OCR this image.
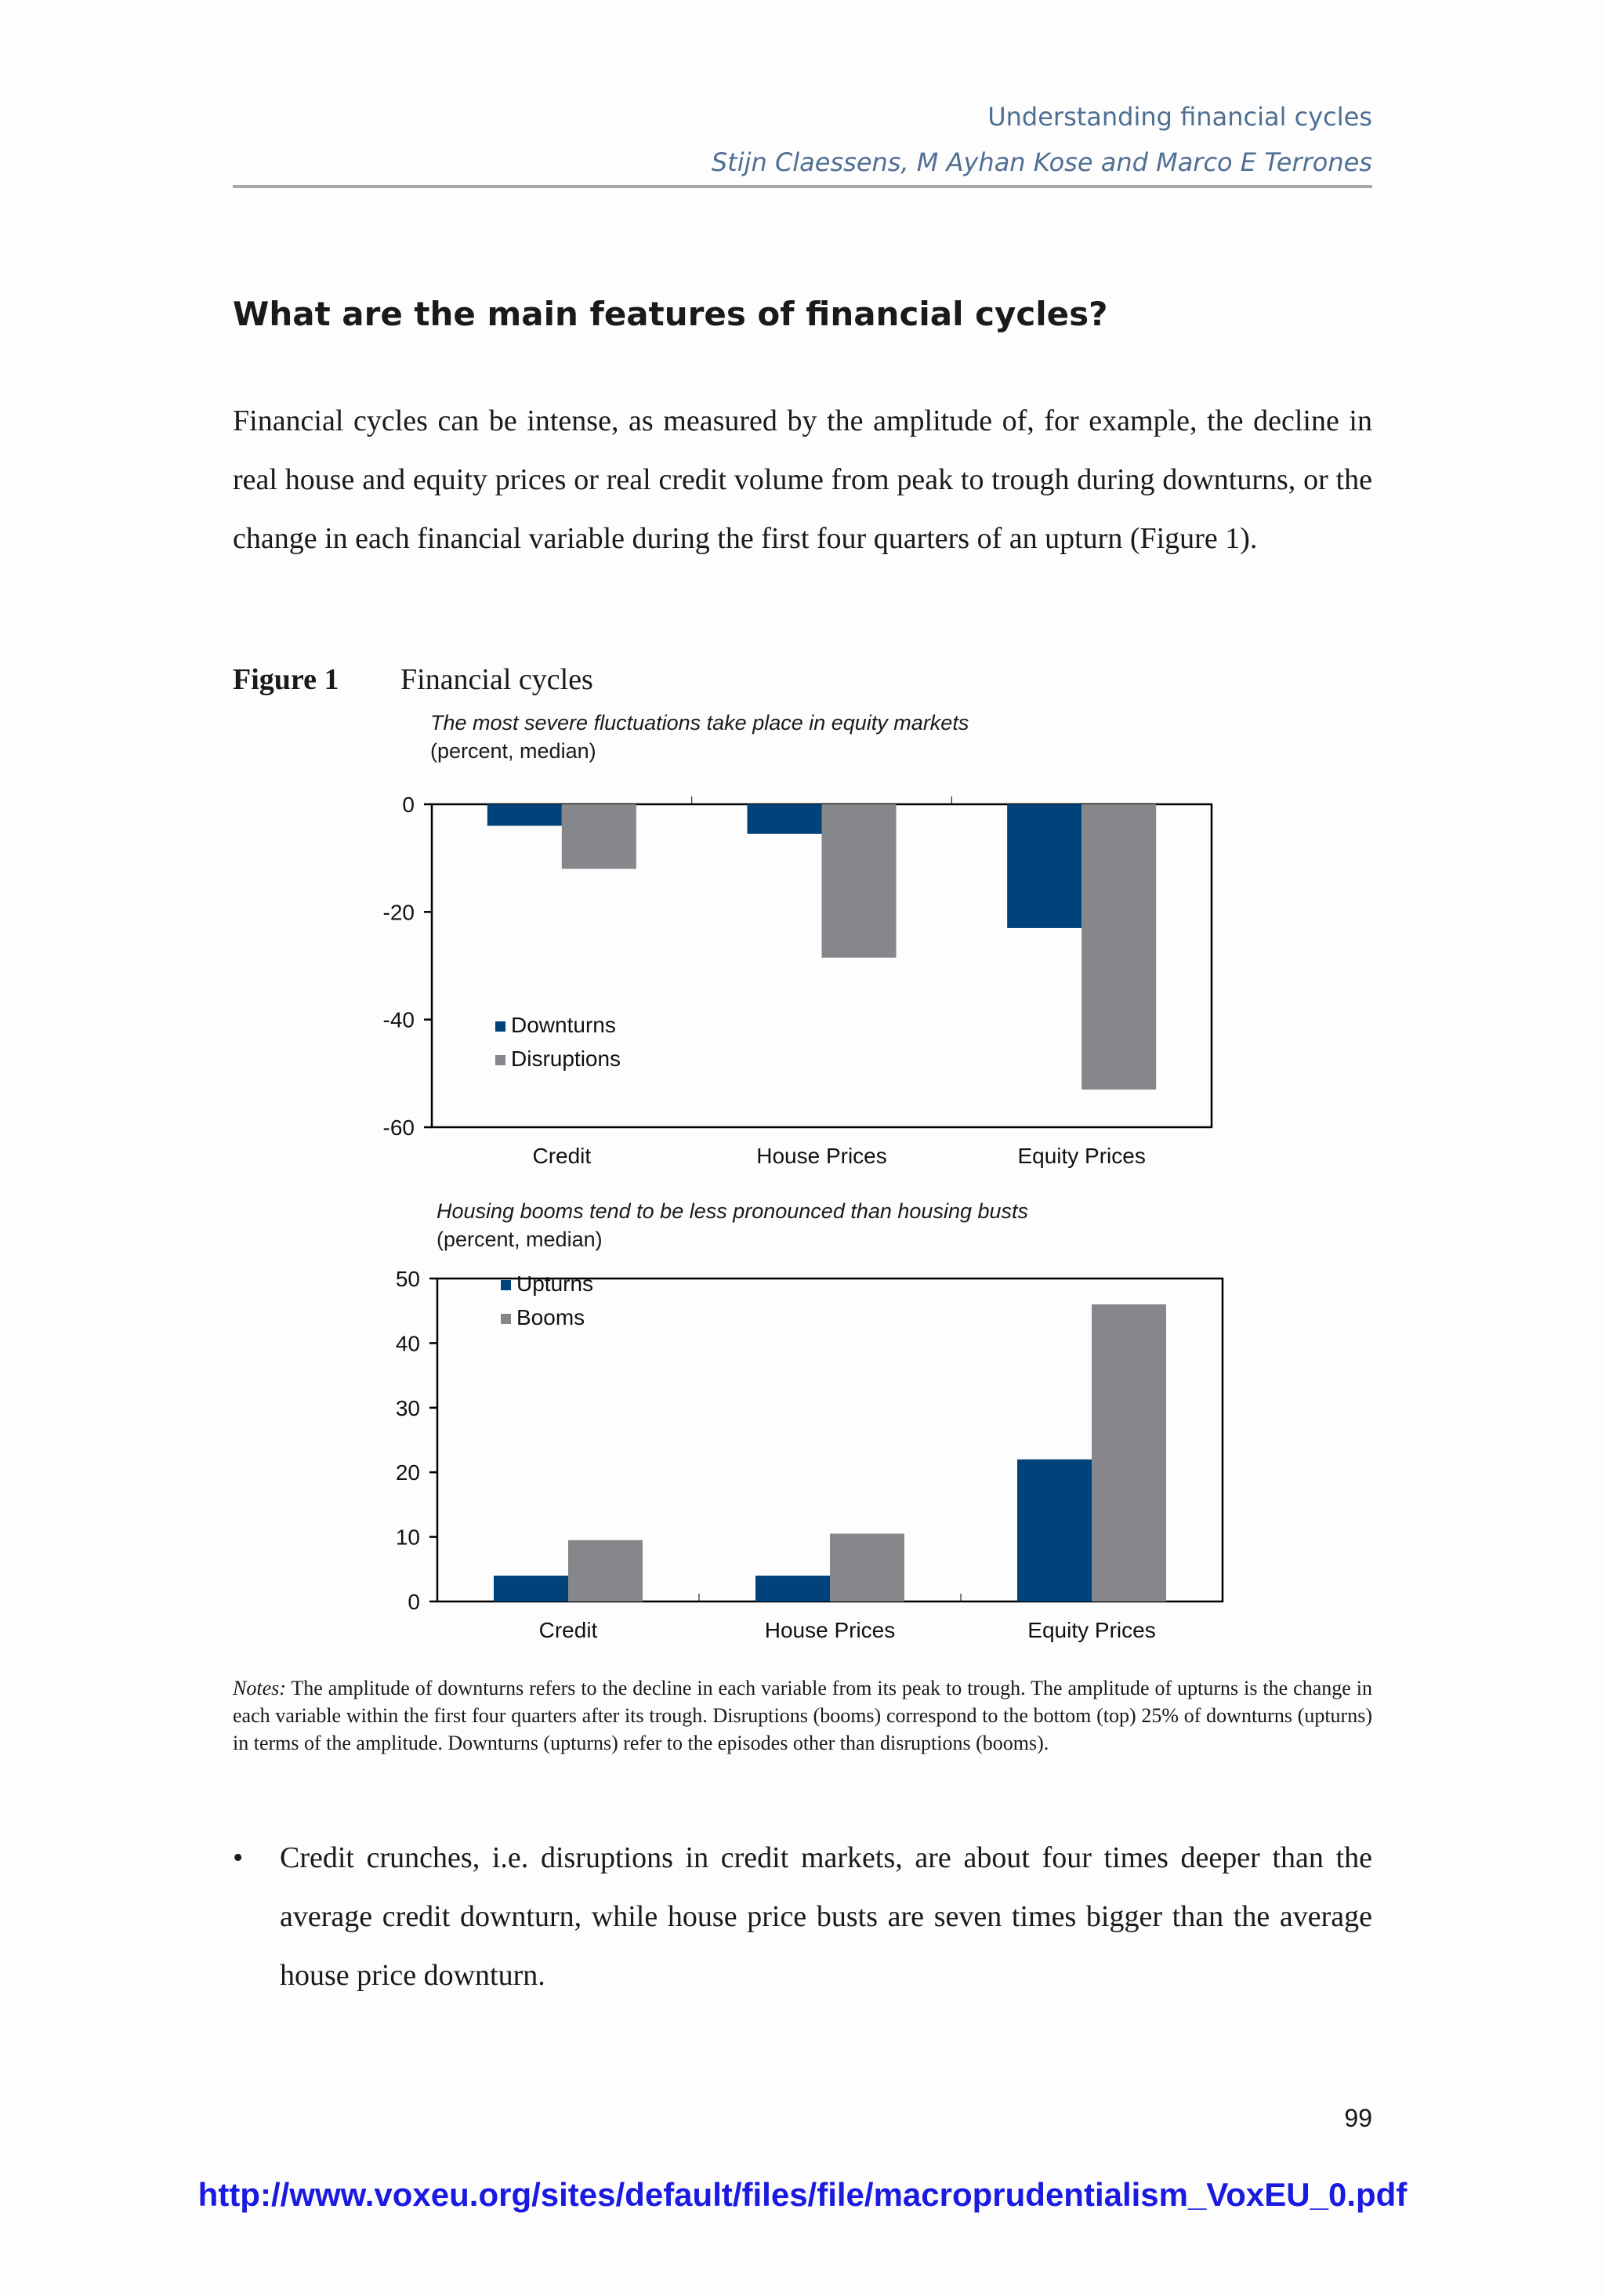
Understanding financial cycles
Stijn Claessens, M Ayhan Kose and Marco E Terrones
What are the main features of financial cycles?

Financial cycles can be intense, as measured by the amplitude of, for example, the decline in real house and equity prices or real credit volume from peak to trough during downturns, or the change in each financial variable during the first four quarters of an upturn (Figure 1).

Figure 1 Financial cycles
The most severe fluctuations take place in equity markets
(percent, median)
Housing booms tend to be less pronounced than housing busts
(percent, median)
0
-20
-40
-60
Credit	House Prices	Equity Prices
Downturns
Disruptions
50
40
30
20
10
0
Credit	House Prices	Equity Prices
Upturns
Booms

Notes: The amplitude of downturns refers to the decline in each variable from its peak to trough. The amplitude of upturns is the change in each variable within the first four quarters after its trough. Disruptions (booms) correspond to the bottom (top) 25% of downturns (upturns) in terms of the amplitude. Downturns (upturns) refer to the episodes other than disruptions (booms).

• Credit crunches, i.e. disruptions in credit markets, are about four times deeper than the average credit downturn, while house price busts are seven times bigger than the average house price downturn.
99
http://www.voxeu.org/sites/default/files/file/macroprudentialism_VoxEU_0.pdf
